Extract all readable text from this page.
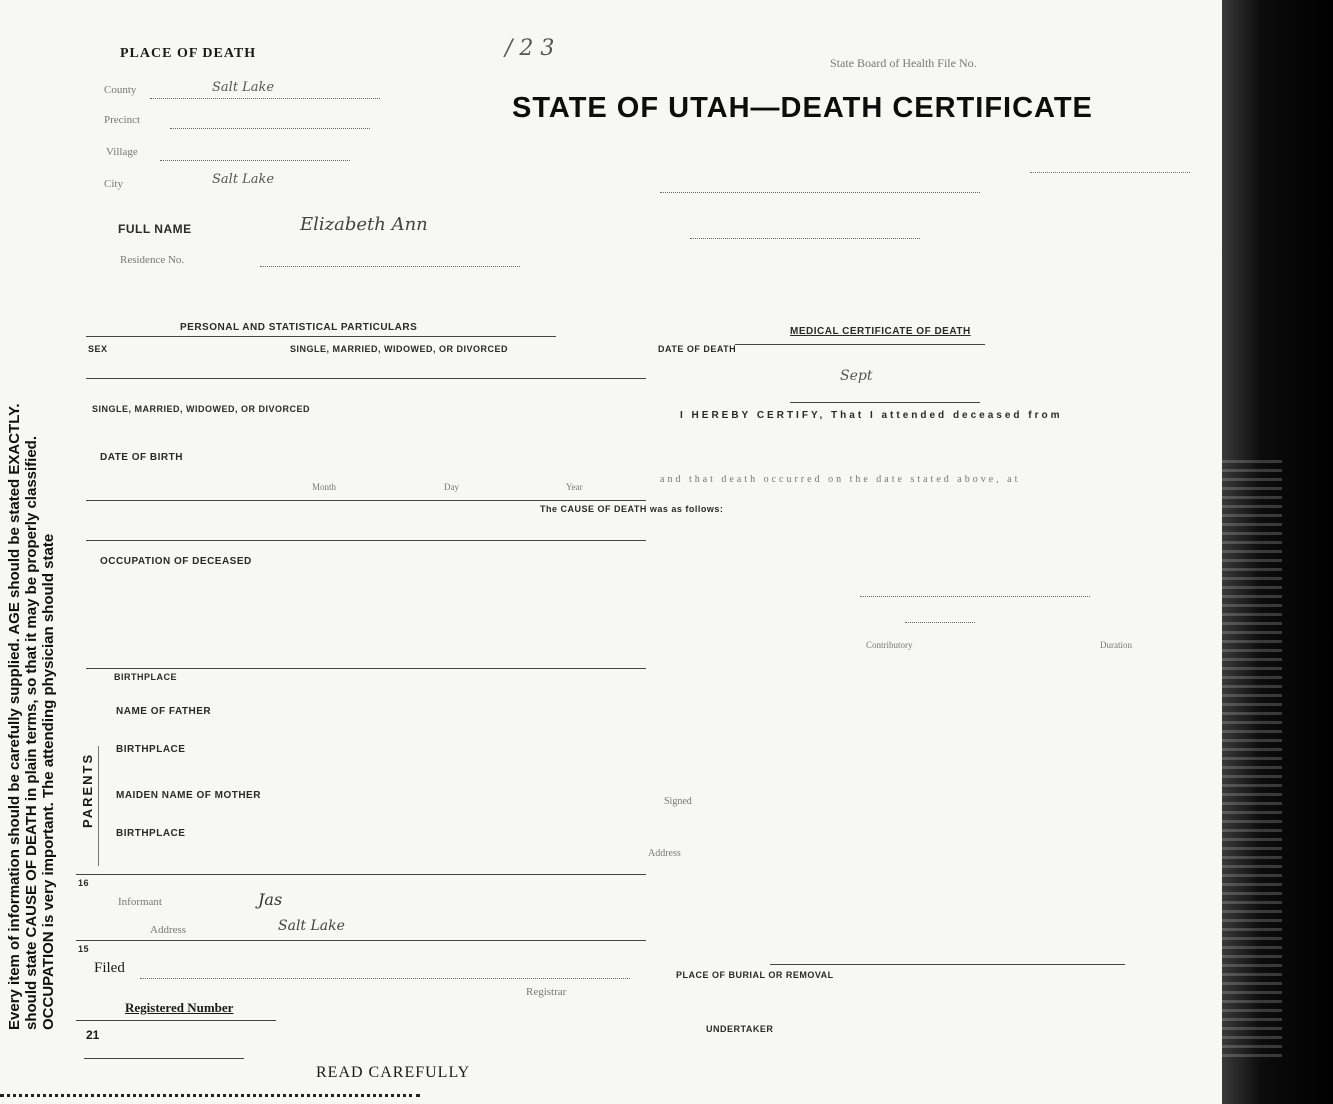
Every item of information should be carefully supplied. AGE should be stated EXACTLY. should state CAUSE OF DEATH in plain terms, so that it may be properly classified. OCCUPATION is very important. The attending physician should state
PLACE OF DEATH	/ 2 3
State Board of Health File No.
STATE OF UTAH—DEATH CERTIFICATE
County	Salt Lake
Precinct
Village
City	Salt Lake
FULL NAME	Elizabeth Ann
Residence No.
PERSONAL AND STATISTICAL PARTICULARS	MEDICAL CERTIFICATE OF DEATH
SEX	SINGLE, MARRIED, WIDOWED, OR DIVORCED	DATE OF DEATH
Sept
SINGLE, MARRIED, WIDOWED, OR DIVORCED
I HEREBY CERTIFY, That I attended deceased from
DATE OF BIRTH
Month	Day	Year
and that death occurred on the date stated above, at
The CAUSE OF DEATH was as follows:
OCCUPATION OF DECEASED
Contributory	Duration
BIRTHPLACE
NAME OF FATHER
BIRTHPLACE
MAIDEN NAME OF MOTHER
BIRTHPLACE
PARENTS
16
Signed
Address
Informant	Jas
Address	Salt Lake
15
Filed
Registrar
PLACE OF BURIAL OR REMOVAL
UNDERTAKER
Registered Number
21
READ CAREFULLY
